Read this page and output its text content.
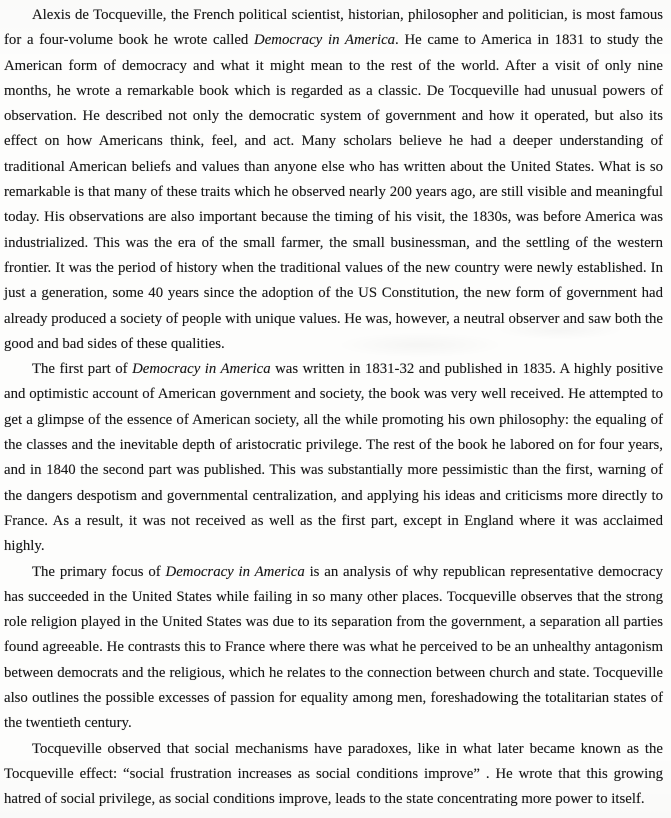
Alexis de Tocqueville, the French political scientist, historian, philosopher and politician, is most famous for a four-volume book he wrote called Democracy in America. He came to America in 1831 to study the American form of democracy and what it might mean to the rest of the world. After a visit of only nine months, he wrote a remarkable book which is regarded as a classic. De Tocqueville had unusual powers of observation. He described not only the democratic system of government and how it operated, but also its effect on how Americans think, feel, and act. Many scholars believe he had a deeper understanding of traditional American beliefs and values than anyone else who has written about the United States. What is so remarkable is that many of these traits which he observed nearly 200 years ago, are still visible and meaningful today. His observations are also important because the timing of his visit, the 1830s, was before America was industrialized. This was the era of the small farmer, the small businessman, and the settling of the western frontier. It was the period of history when the traditional values of the new country were newly established. In just a generation, some 40 years since the adoption of the US Constitution, the new form of government had already produced a society of people with unique values. He was, however, a neutral observer and saw both the good and bad sides of these qualities.

The first part of Democracy in America was written in 1831-32 and published in 1835. A highly positive and optimistic account of American government and society, the book was very well received. He attempted to get a glimpse of the essence of American society, all the while promoting his own philosophy: the equaling of the classes and the inevitable depth of aristocratic privilege. The rest of the book he labored on for four years, and in 1840 the second part was published. This was substantially more pessimistic than the first, warning of the dangers despotism and governmental centralization, and applying his ideas and criticisms more directly to France. As a result, it was not received as well as the first part, except in England where it was acclaimed highly.

The primary focus of Democracy in America is an analysis of why republican representative democracy has succeeded in the United States while failing in so many other places. Tocqueville observes that the strong role religion played in the United States was due to its separation from the government, a separation all parties found agreeable. He contrasts this to France where there was what he perceived to be an unhealthy antagonism between democrats and the religious, which he relates to the connection between church and state. Tocqueville also outlines the possible excesses of passion for equality among men, foreshadowing the totalitarian states of the twentieth century.

Tocqueville observed that social mechanisms have paradoxes, like in what later became known as the Tocqueville effect: “social frustration increases as social conditions improve” . He wrote that this growing hatred of social privilege, as social conditions improve, leads to the state concentrating more power to itself.
